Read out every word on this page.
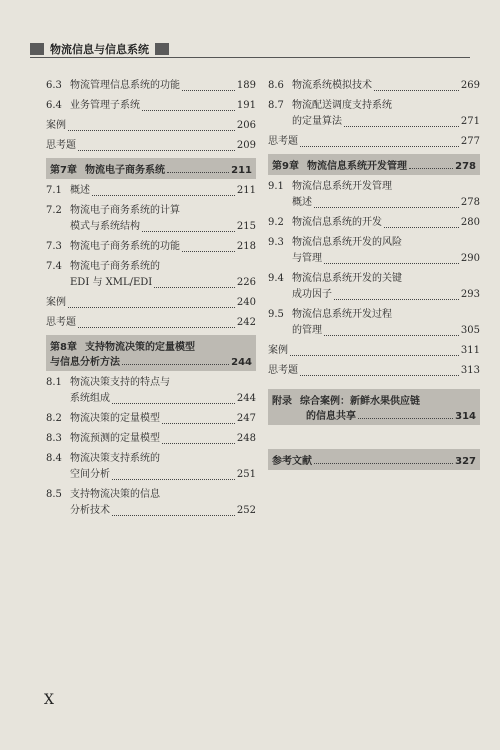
物流信息与信息系统
6.3 物流管理信息系统的功能	189
6.4 业务管理子系统	191
案例	206
思考题	209
第7章 物流电子商务系统	211
7.1 概述	211
7.2 物流电子商务系统的计算
模式与系统结构	215
7.3 物流电子商务系统的功能	218
7.4 物流电子商务系统的
EDI 与 XML/EDI	226
案例	240
思考题	242
第8章 支持物流决策的定量模型
与信息分析方法	244
8.1 物流决策支持的特点与
系统组成	244
8.2 物流决策的定量模型	247
8.3 物流预测的定量模型	248
8.4 物流决策支持系统的
空间分析	251
8.5 支持物流决策的信息
分析技术	252
8.6 物流系统模拟技术	269
8.7 物流配送调度支持系统
的定量算法	271
思考题	277
第9章 物流信息系统开发管理	278
9.1 物流信息系统开发管理
概述	278
9.2 物流信息系统的开发	280
9.3 物流信息系统开发的风险
与管理	290
9.4 物流信息系统开发的关键
成功因子	293
9.5 物流信息系统开发过程
的管理	305
案例	311
思考题	313
附录 综合案例：新鲜水果供应链
的信息共享	314
参考文献	327
X
